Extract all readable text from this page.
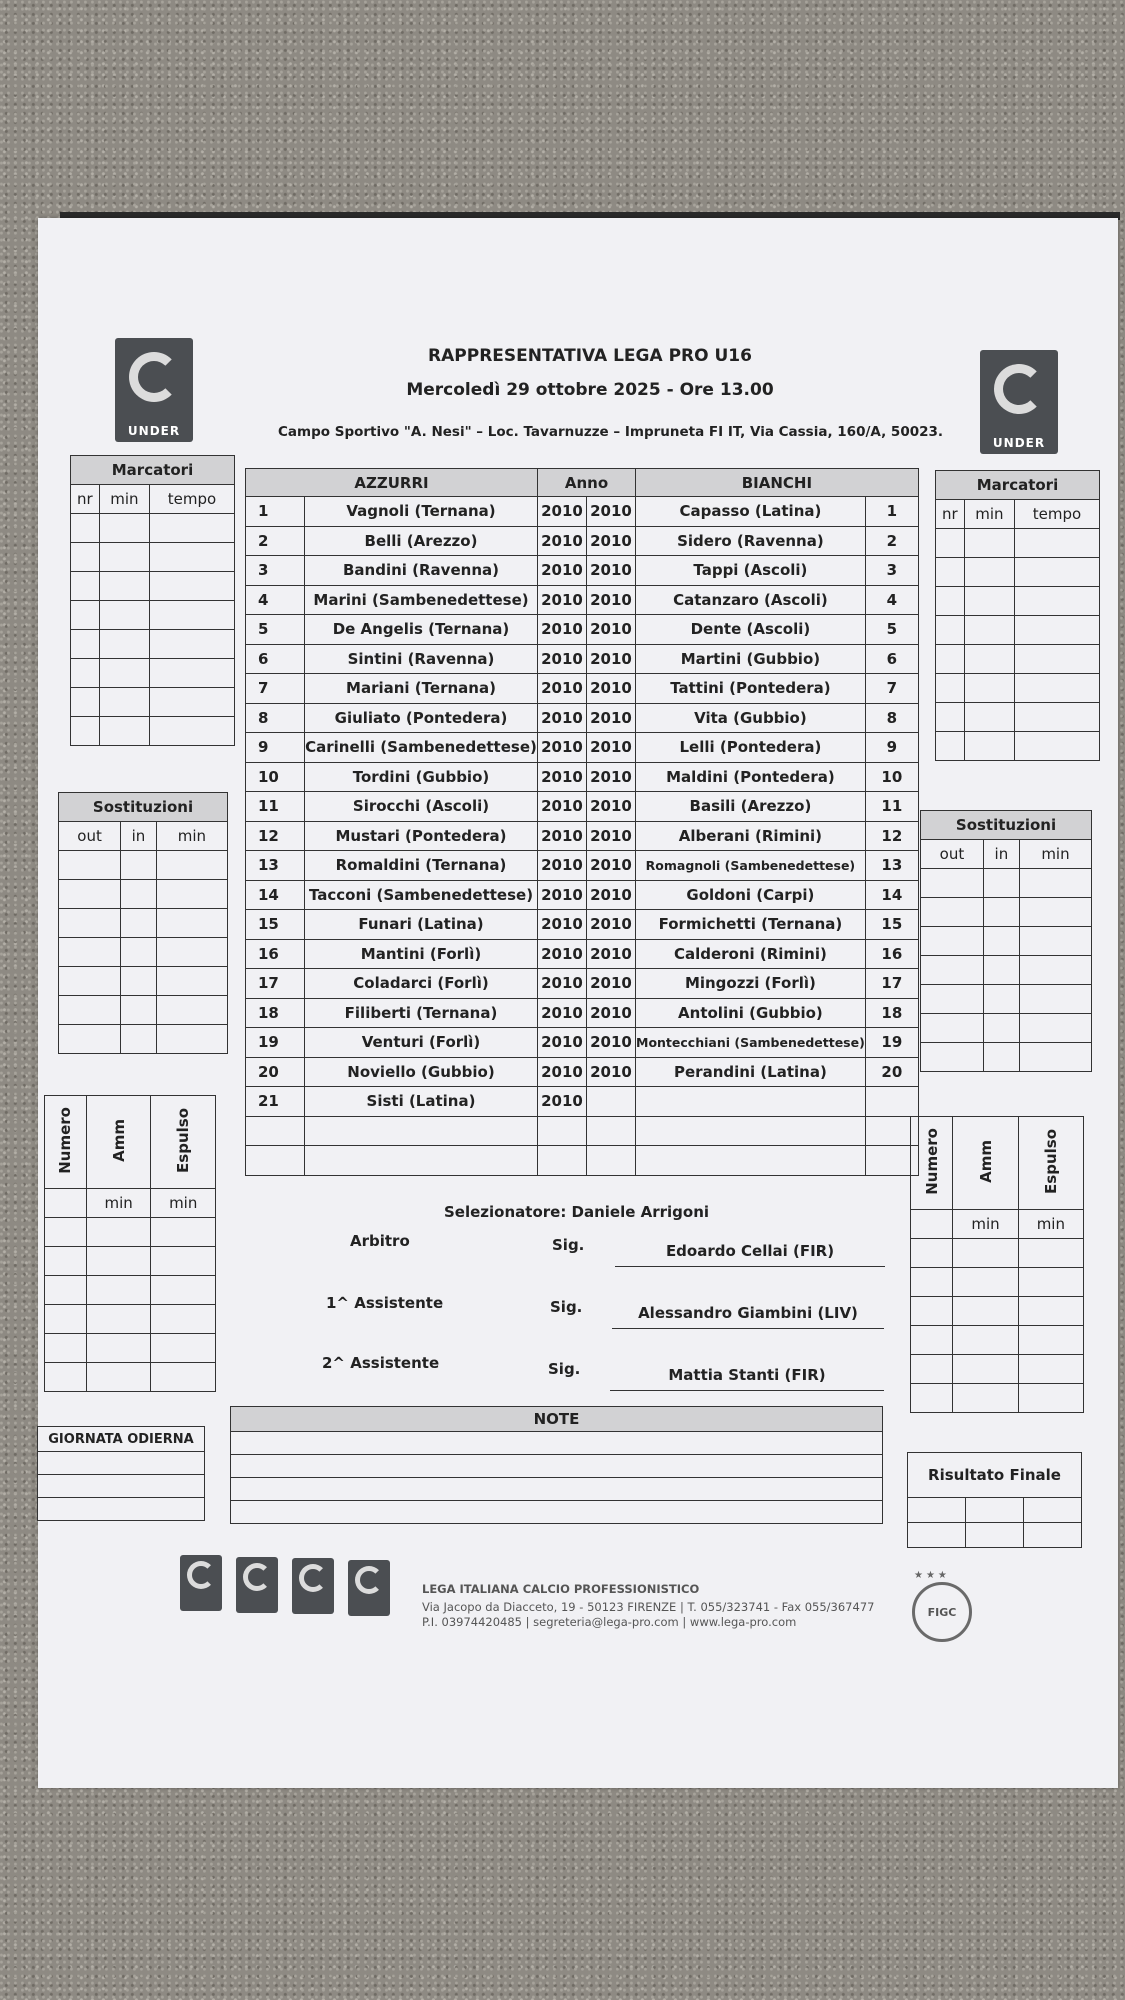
UNDER
UNDER
RAPPRESENTATIVA LEGA PRO U16
Mercoledì 29 ottobre 2025 - Ore 13.00
Campo Sportivo "A. Nesi" – Loc. Tavarnuzze – Impruneta FI IT, Via Cassia, 160/A, 50023.
AZZURRI		Anno		BIANCHI	
1	Vagnoli (Ternana)	2010	2010	Capasso (Latina)	1
2	Belli (Arezzo)	2010	2010	Sidero (Ravenna)	2
3	Bandini (Ravenna)	2010	2010	Tappi (Ascoli)	3
4	Marini (Sambenedettese)	2010	2010	Catanzaro (Ascoli)	4
5	De Angelis (Ternana)	2010	2010	Dente (Ascoli)	5
6	Sintini (Ravenna)	2010	2010	Martini (Gubbio)	6
7	Mariani (Ternana)	2010	2010	Tattini (Pontedera)	7
8	Giuliato (Pontedera)	2010	2010	Vita (Gubbio)	8
9	Carinelli (Sambenedettese)	2010	2010	Lelli (Pontedera)	9
10	Tordini (Gubbio)	2010	2010	Maldini (Pontedera)	10
11	Sirocchi (Ascoli)	2010	2010	Basili (Arezzo)	11
12	Mustari (Pontedera)	2010	2010	Alberani (Rimini)	12
13	Romaldini (Ternana)	2010	2010	Romagnoli (Sambenedettese)	13
14	Tacconi (Sambenedettese)	2010	2010	Goldoni (Carpi)	14
15	Funari (Latina)	2010	2010	Formichetti (Ternana)	15
16	Mantini (Forlì)	2010	2010	Calderoni (Rimini)	16
17	Coladarci (Forlì)	2010	2010	Mingozzi (Forlì)	17
18	Filiberti (Ternana)	2010	2010	Antolini (Gubbio)	18
19	Venturi (Forlì)	2010	2010	Montecchiani (Sambenedettese)	19
20	Noviello (Gubbio)	2010	2010	Perandini (Latina)	20
21	Sisti (Latina)	2010			

Marcatori		
nr	min	tempo

Marcatori		
nr	min	tempo

Sostituzioni		
out	in	min

Sostituzioni		
out	in	min

Numero	Amm	Espulso
	min	min

Numero	Amm	Espulso
	min	min

Selezionatore: Daniele Arrigoni
Arbitro	Sig.	Edoardo Cellai (FIR)
1^ Assistente	Sig.	Alessandro Giambini (LIV)
2^ Assistente	Sig.	Mattia Stanti (FIR)
NOTE

GIORNATA ODIERNA

Risultato Finale		

LEGA ITALIANA CALCIO PROFESSIONISTICO
Via Jacopo da Diacceto, 19 - 50123 FIRENZE | T. 055/323741 - Fax 055/367477
P.I. 03974420485 | segreteria@lega-pro.com | www.lega-pro.com
FIGC
★★★
